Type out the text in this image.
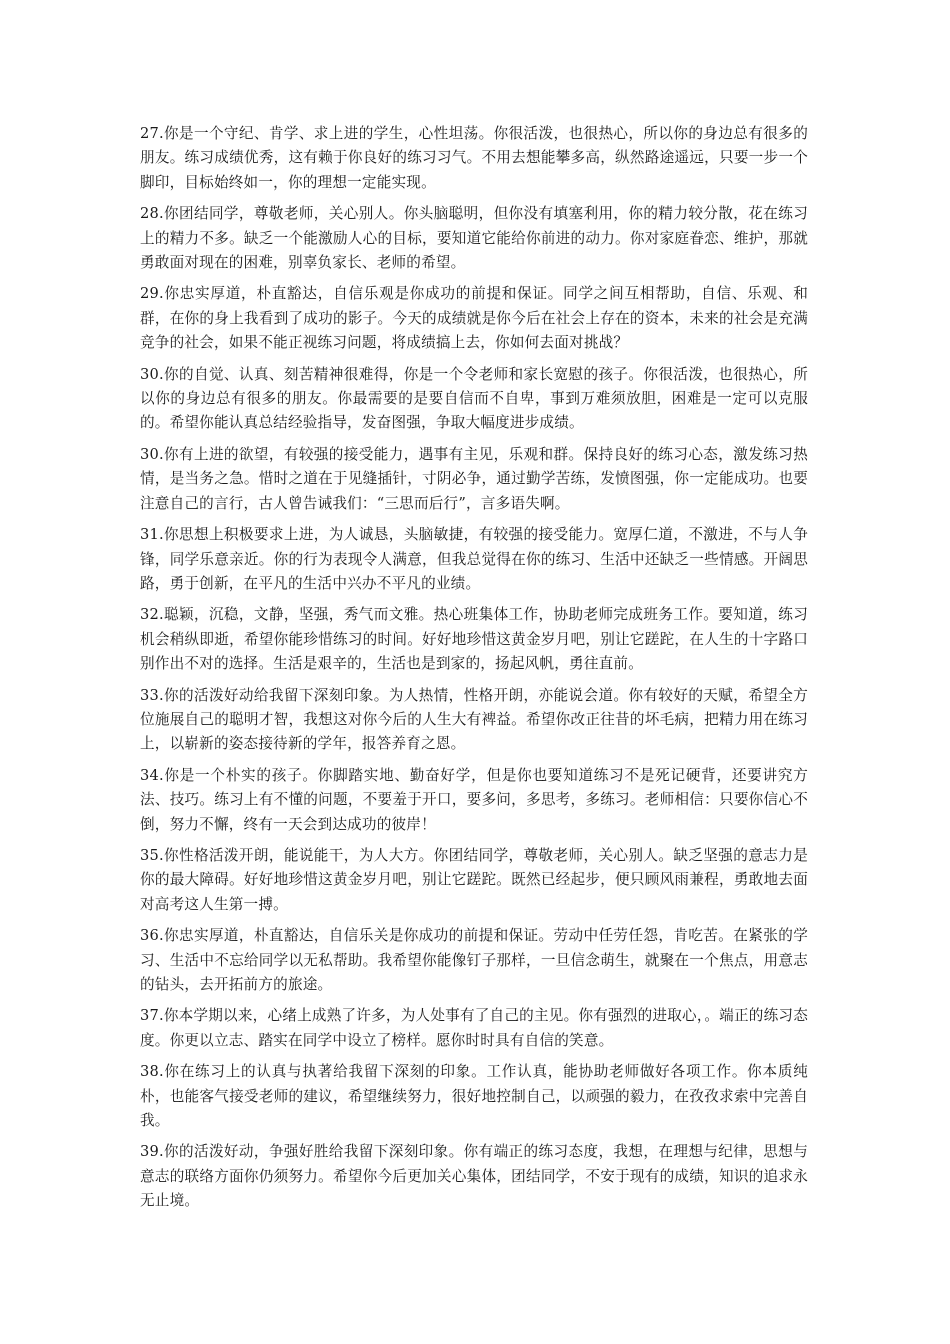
27.你是一个守纪、肯学、求上进的学生，心性坦荡。你很活泼，也很热心，所以你的身边总有很多的朋友。练习成绩优秀，这有赖于你良好的练习习气。不用去想能攀多高，纵然路途遥远，只要一步一个脚印，目标始终如一，你的理想一定能实现。

28.你团结同学，尊敬老师，关心别人。你头脑聪明，但你没有填塞利用，你的精力较分散，花在练习上的精力不多。缺乏一个能激励人心的目标，要知道它能给你前进的动力。你对家庭眷恋、维护，那就勇敢面对现在的困难，别辜负家长、老师的希望。

29.你忠实厚道，朴直豁达，自信乐观是你成功的前提和保证。同学之间互相帮助，自信、乐观、和群，在你的身上我看到了成功的影子。今天的成绩就是你今后在社会上存在的资本，未来的社会是充满竞争的社会，如果不能正视练习问题，将成绩搞上去，你如何去面对挑战？

30.你的自觉、认真、刻苦精神很难得，你是一个令老师和家长宽慰的孩子。你很活泼，也很热心，所以你的身边总有很多的朋友。你最需要的是要自信而不自卑，事到万难须放胆，困难是一定可以克服的。希望你能认真总结经验指导，发奋图强，争取大幅度进步成绩。

30.你有上进的欲望，有较强的接受能力，遇事有主见，乐观和群。保持良好的练习心态，激发练习热情，是当务之急。惜时之道在于见缝插针，寸阴必争，通过勤学苦练，发愤图强，你一定能成功。也要注意自己的言行，古人曾告诫我们：“三思而后行”，言多语失啊。

31.你思想上积极要求上进，为人诚恳，头脑敏捷，有较强的接受能力。宽厚仁道，不激进，不与人争锋，同学乐意亲近。你的行为表现令人满意，但我总觉得在你的练习、生活中还缺乏一些情感。开阔思路，勇于创新，在平凡的生活中兴办不平凡的业绩。

32.聪颖，沉稳，文静，坚强，秀气而文雅。热心班集体工作，协助老师完成班务工作。要知道，练习机会稍纵即逝，希望你能珍惜练习的时间。好好地珍惜这黄金岁月吧，别让它蹉跎，在人生的十字路口别作出不对的选择。生活是艰辛的，生活也是到家的，扬起风帆，勇往直前。

33.你的活泼好动给我留下深刻印象。为人热情，性格开朗，亦能说会道。你有较好的天赋，希望全方位施展自己的聪明才智，我想这对你今后的人生大有裨益。希望你改正往昔的坏毛病，把精力用在练习上，以崭新的姿态接待新的学年，报答养育之恩。

34.你是一个朴实的孩子。你脚踏实地、勤奋好学，但是你也要知道练习不是死记硬背，还要讲究方法、技巧。练习上有不懂的问题，不要羞于开口，要多问，多思考，多练习。老师相信：只要你信心不倒，努力不懈，终有一天会到达成功的彼岸！

35.你性格活泼开朗，能说能干，为人大方。你团结同学，尊敬老师，关心别人。缺乏坚强的意志力是你的最大障碍。好好地珍惜这黄金岁月吧，别让它蹉跎。既然已经起步，便只顾风雨兼程，勇敢地去面对高考这人生第一搏。

36.你忠实厚道，朴直豁达，自信乐关是你成功的前提和保证。劳动中任劳任怨，肯吃苦。在紧张的学习、生活中不忘给同学以无私帮助。我希望你能像钉子那样，一旦信念萌生，就聚在一个焦点，用意志的钻头，去开拓前方的旅途。

37.你本学期以来，心绪上成熟了许多，为人处事有了自己的主见。你有强烈的进取心，。端正的练习态度。你更以立志、踏实在同学中设立了榜样。愿你时时具有自信的笑意。

38.你在练习上的认真与执著给我留下深刻的印象。工作认真，能协助老师做好各项工作。你本质纯朴，也能客气接受老师的建议，希望继续努力，很好地控制自己，以顽强的毅力，在孜孜求索中完善自我。

39.你的活泼好动，争强好胜给我留下深刻印象。你有端正的练习态度，我想，在理想与纪律，思想与意志的联络方面你仍须努力。希望你今后更加关心集体，团结同学，不安于现有的成绩，知识的追求永无止境。
